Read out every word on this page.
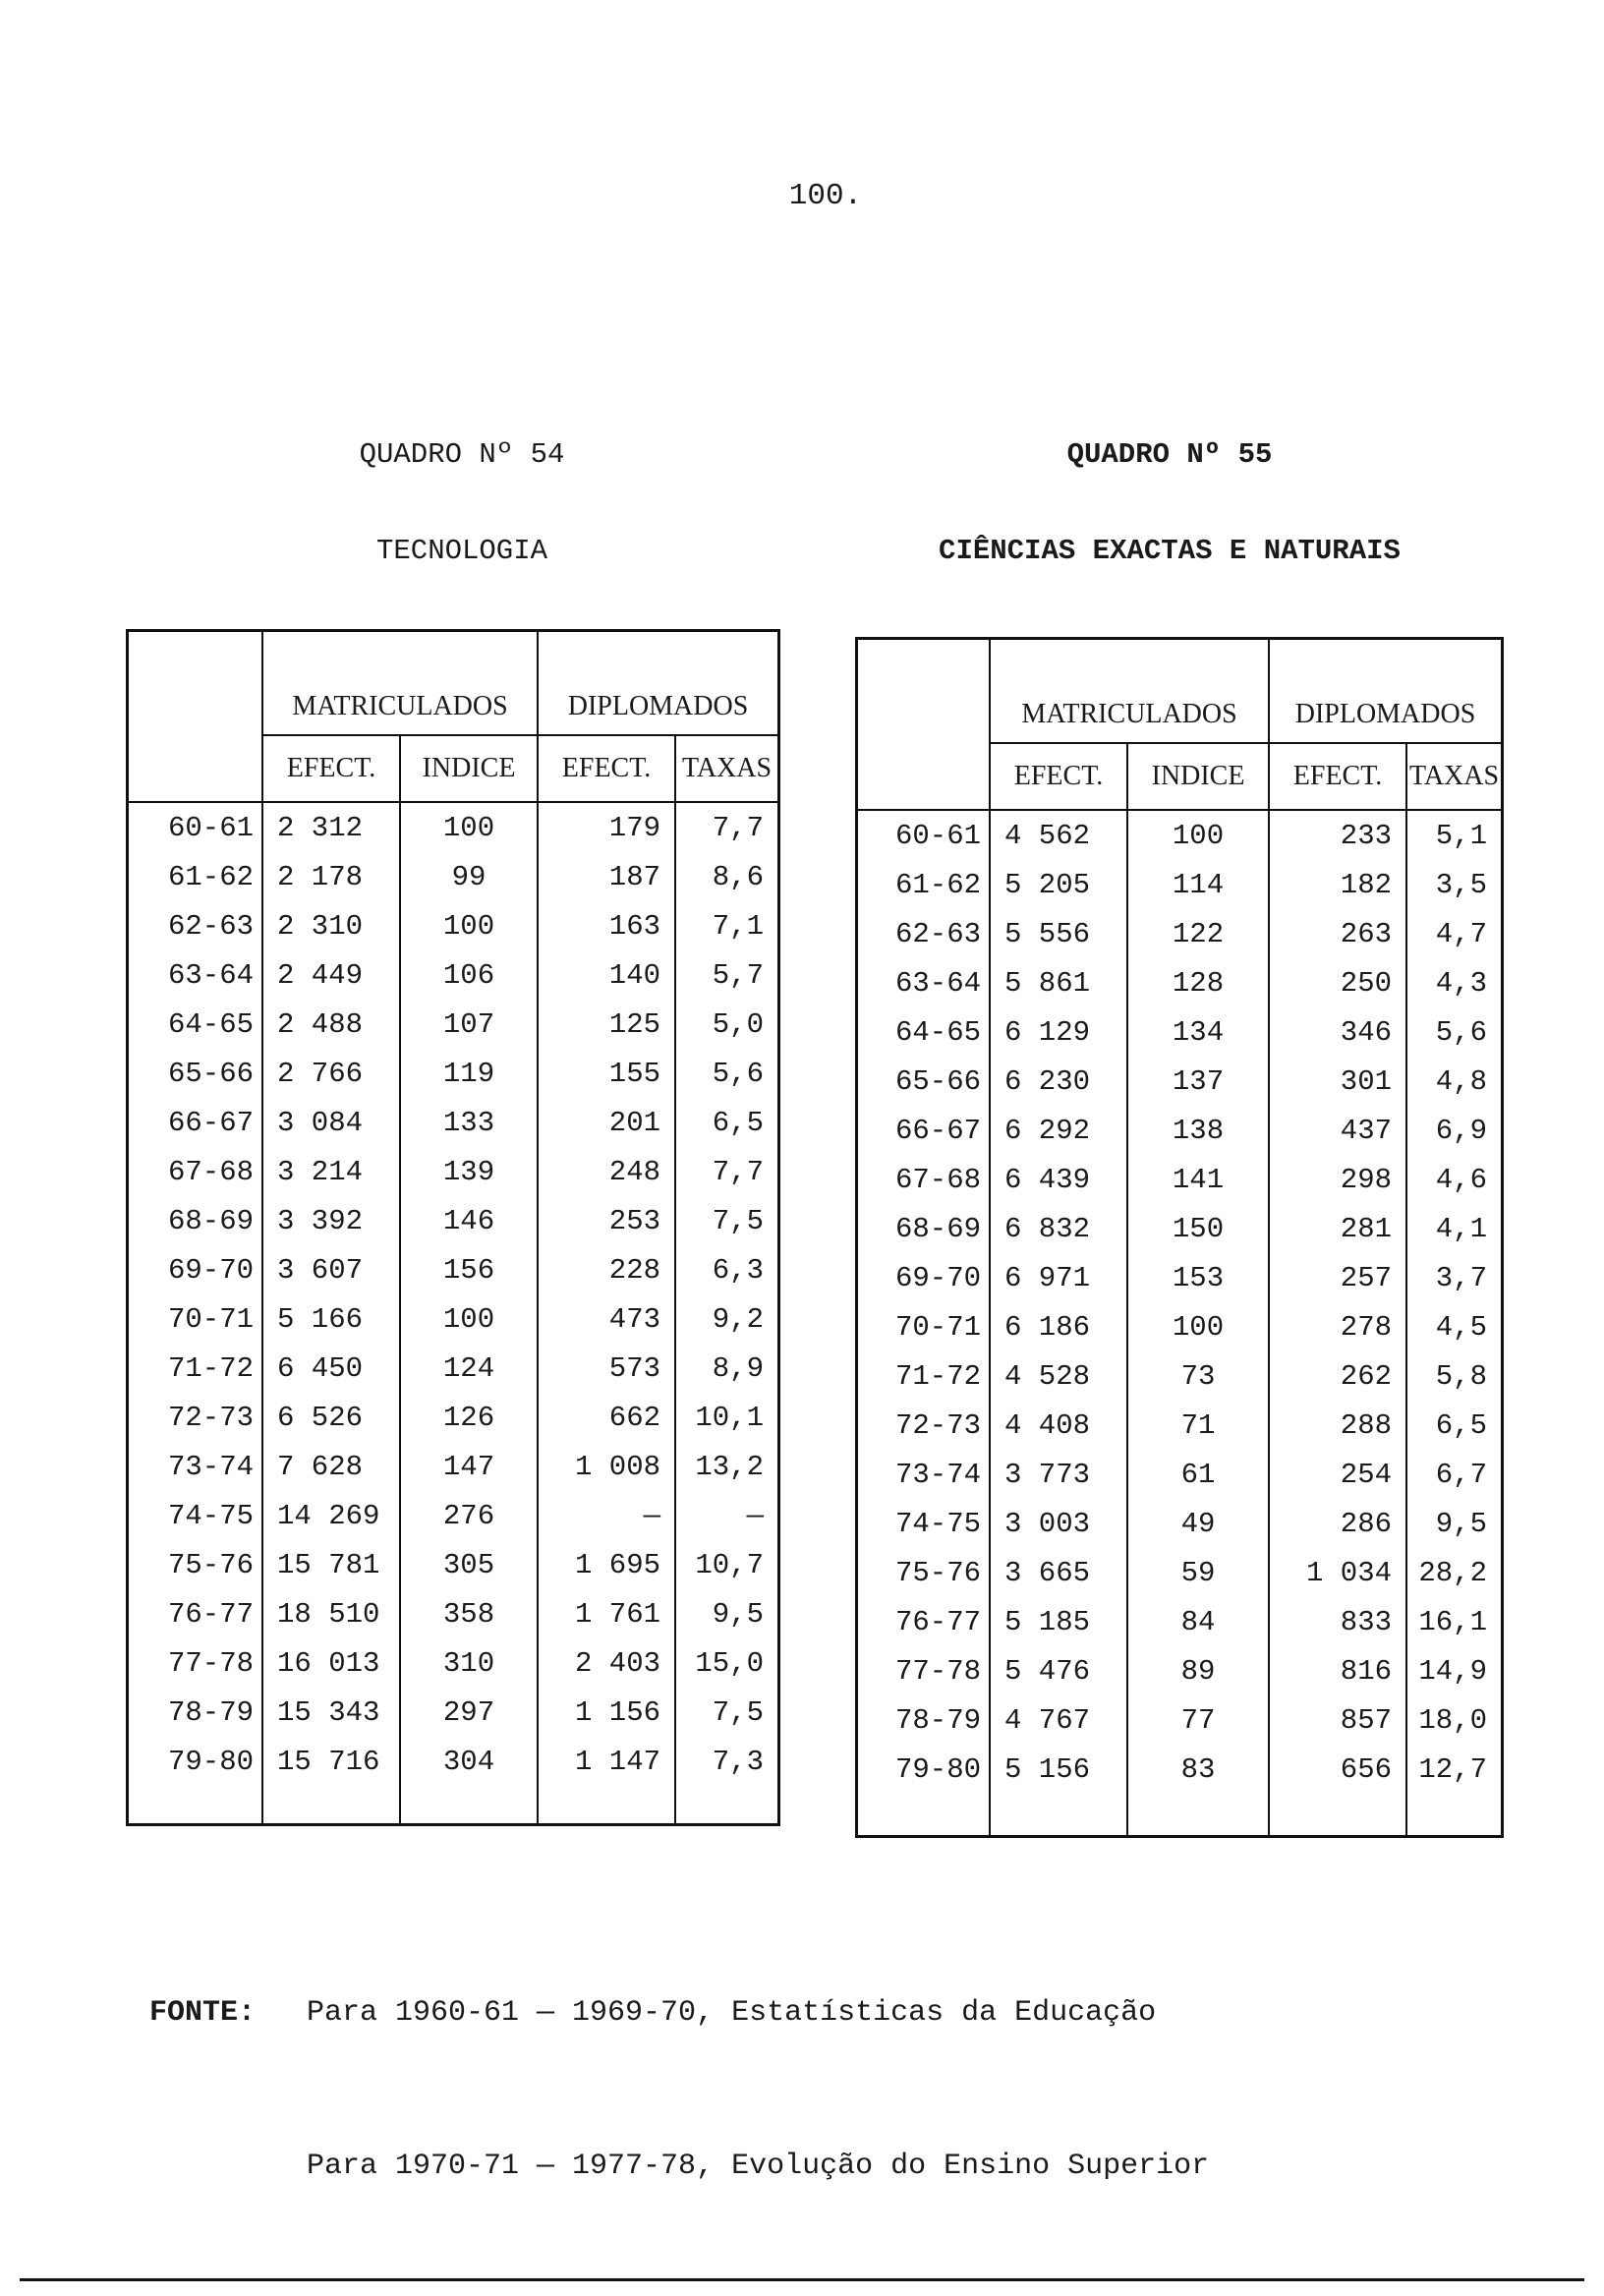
100.
QUADRO Nº 54
TECNOLOGIA
QUADRO Nº 55
CIÊNCIAS EXACTAS E NATURAIS
	MATRICULADOS		DIPLOMADOS	
	EFECT.	INDICE	EFECT.	TAXAS
60-61	2 312	100	179	7,7
61-62	2 178	99	187	8,6
62-63	2 310	100	163	7,1
63-64	2 449	106	140	5,7
64-65	2 488	107	125	5,0
65-66	2 766	119	155	5,6
66-67	3 084	133	201	6,5
67-68	3 214	139	248	7,7
68-69	3 392	146	253	7,5
69-70	3 607	156	228	6,3
70-71	5 166	100	473	9,2
71-72	6 450	124	573	8,9
72-73	6 526	126	662	10,1
73-74	7 628	147	1 008	13,2
74-75	14 269	276	—	—
75-76	15 781	305	1 695	10,7
76-77	18 510	358	1 761	9,5
77-78	16 013	310	2 403	15,0
78-79	15 343	297	1 156	7,5
79-80	15 716	304	1 147	7,3

	MATRICULADOS		DIPLOMADOS	
	EFECT.	INDICE	EFECT.	TAXAS
60-61	4 562	100	233	5,1
61-62	5 205	114	182	3,5
62-63	5 556	122	263	4,7
63-64	5 861	128	250	4,3
64-65	6 129	134	346	5,6
65-66	6 230	137	301	4,8
66-67	6 292	138	437	6,9
67-68	6 439	141	298	4,6
68-69	6 832	150	281	4,1
69-70	6 971	153	257	3,7
70-71	6 186	100	278	4,5
71-72	4 528	73	262	5,8
72-73	4 408	71	288	6,5
73-74	3 773	61	254	6,7
74-75	3 003	49	286	9,5
75-76	3 665	59	1 034	28,2
76-77	5 185	84	833	16,1
77-78	5 476	89	816	14,9
78-79	4 767	77	857	18,0
79-80	5 156	83	656	12,7

FONTE: Para 1960-61 — 1969-70, Estatísticas da Educação

Para 1970-71 — 1977-78, Evolução do Ensino Superior
